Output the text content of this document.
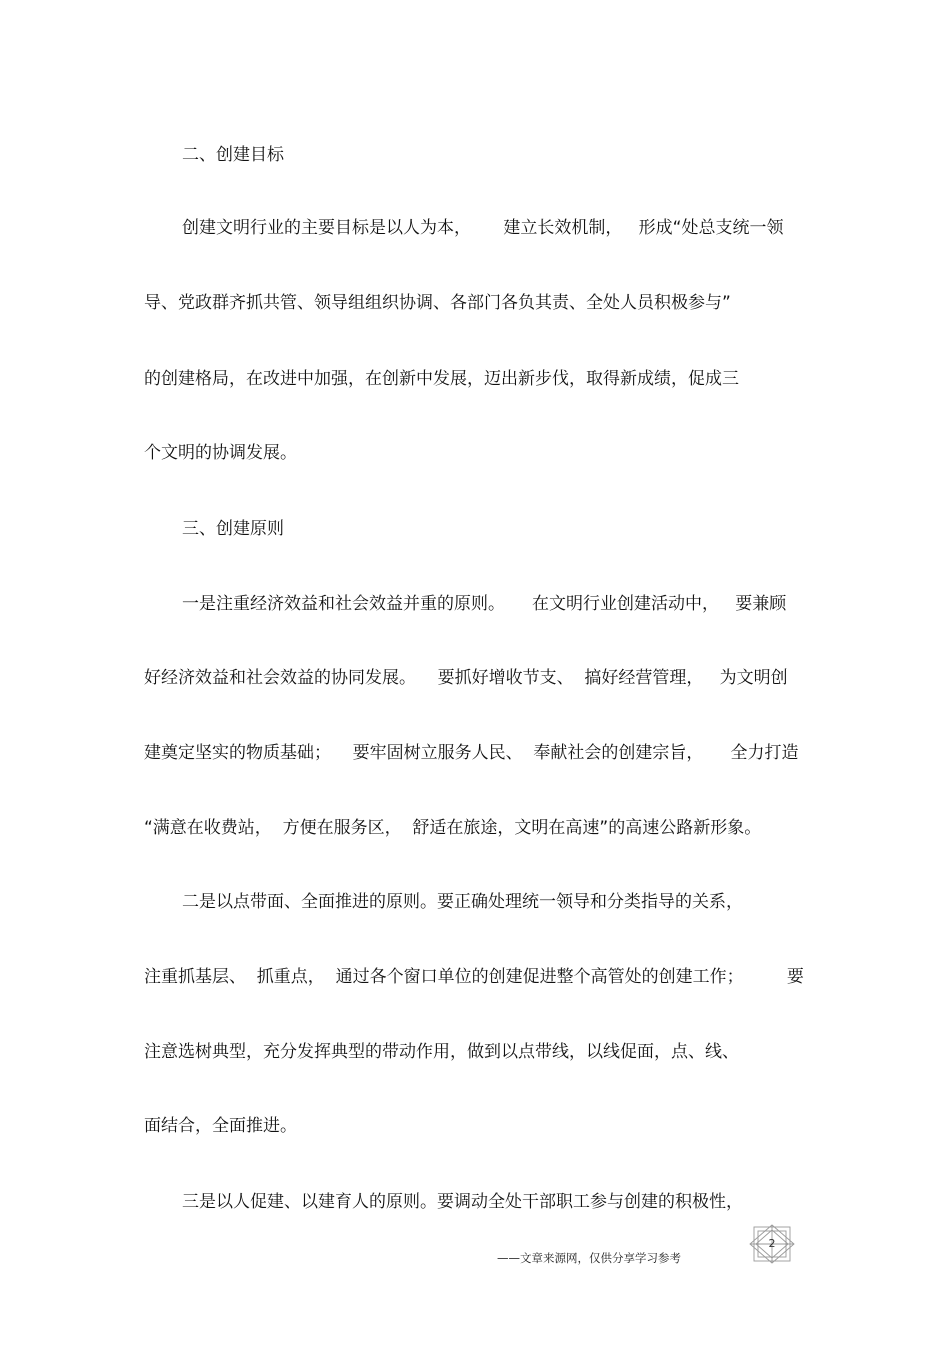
二、创建目标
创建文明行业的主要目标是以人为本，      建立长效机制，   形成“处总支统一领
导、党政群齐抓共管、领导组组织协调、各部门各负其责、全处人员积极参与”
的创建格局，在改进中加强，在创新中发展，迈出新步伐，取得新成绩，促成三
个文明的协调发展。
三、创建原则
一是注重经济效益和社会效益并重的原则。     在文明行业创建活动中，   要兼顾
好经济效益和社会效益的协同发展。    要抓好增收节支、  搞好经营管理，   为文明创
建奠定坚实的物质基础；    要牢固树立服务人民、  奉献社会的创建宗旨，     全力打造
“满意在收费站，  方便在服务区，  舒适在旅途，文明在高速”的高速公路新形象。
二是以点带面、全面推进的原则。要正确处理统一领导和分类指导的关系，
注重抓基层、  抓重点，  通过各个窗口单位的创建促进整个高管处的创建工作；        要
注意选树典型，充分发挥典型的带动作用，做到以点带线，以线促面，点、线、
面结合，全面推进。
三是以人促建、以建育人的原则。要调动全处干部职工参与创建的积极性，
——文章来源网，仅供分享学习参考
2
